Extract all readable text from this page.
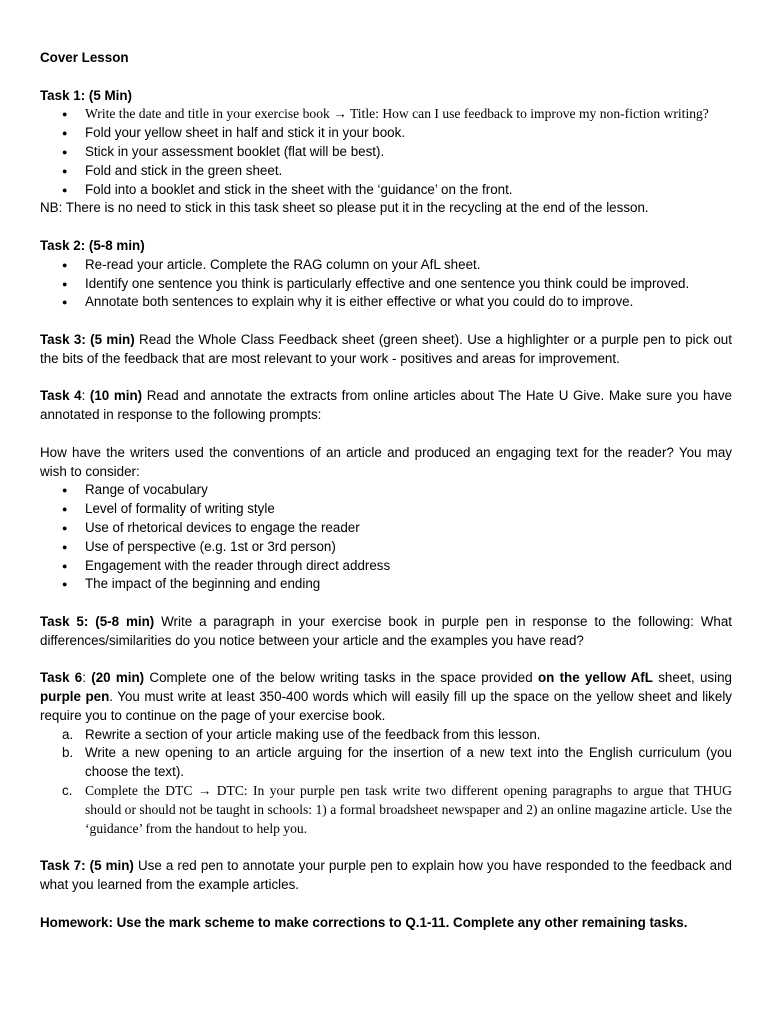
Cover Lesson

Task 1: (5 Min)

● Write the date and title in your exercise book → Title: How can I use feedback to improve my non-fiction writing?
● Fold your yellow sheet in half and stick it in your book.
● Stick in your assessment booklet (flat will be best).
● Fold and stick in the green sheet.
● Fold into a booklet and stick in the sheet with the ‘guidance’ on the front.

NB: There is no need to stick in this task sheet so please put it in the recycling at the end of the lesson.

Task 2: (5-8 min)

● Re-read your article. Complete the RAG column on your AfL sheet.
● Identify one sentence you think is particularly effective and one sentence you think could be improved.
● Annotate both sentences to explain why it is either effective or what you could do to improve.

Task 3: (5 min) Read the Whole Class Feedback sheet (green sheet). Use a highlighter or a purple pen to pick out the bits of the feedback that are most relevant to your work - positives and areas for improvement.

Task 4: (10 min) Read and annotate the extracts from online articles about The Hate U Give. Make sure you have annotated in response to the following prompts:

How have the writers used the conventions of an article and produced an engaging text for the reader? You may wish to consider:

● Range of vocabulary
● Level of formality of writing style
● Use of rhetorical devices to engage the reader
● Use of perspective (e.g. 1st or 3rd person)
● Engagement with the reader through direct address
● The impact of the beginning and ending

Task 5: (5-8 min) Write a paragraph in your exercise book in purple pen in response to the following: What differences/similarities do you notice between your article and the examples you have read?

Task 6: (20 min) Complete one of the below writing tasks in the space provided on the yellow AfL sheet, using purple pen. You must write at least 350-400 words which will easily fill up the space on the yellow sheet and likely require you to continue on the page of your exercise book.

a. Rewrite a section of your article making use of the feedback from this lesson.
b. Write a new opening to an article arguing for the insertion of a new text into the English curriculum (you choose the text).
c. Complete the DTC → DTC: In your purple pen task write two different opening paragraphs to argue that THUG should or should not be taught in schools: 1) a formal broadsheet newspaper and 2) an online magazine article. Use the ‘guidance’ from the handout to help you.

Task 7: (5 min) Use a red pen to annotate your purple pen to explain how you have responded to the feedback and what you learned from the example articles.

Homework: Use the mark scheme to make corrections to Q.1-11. Complete any other remaining tasks.
